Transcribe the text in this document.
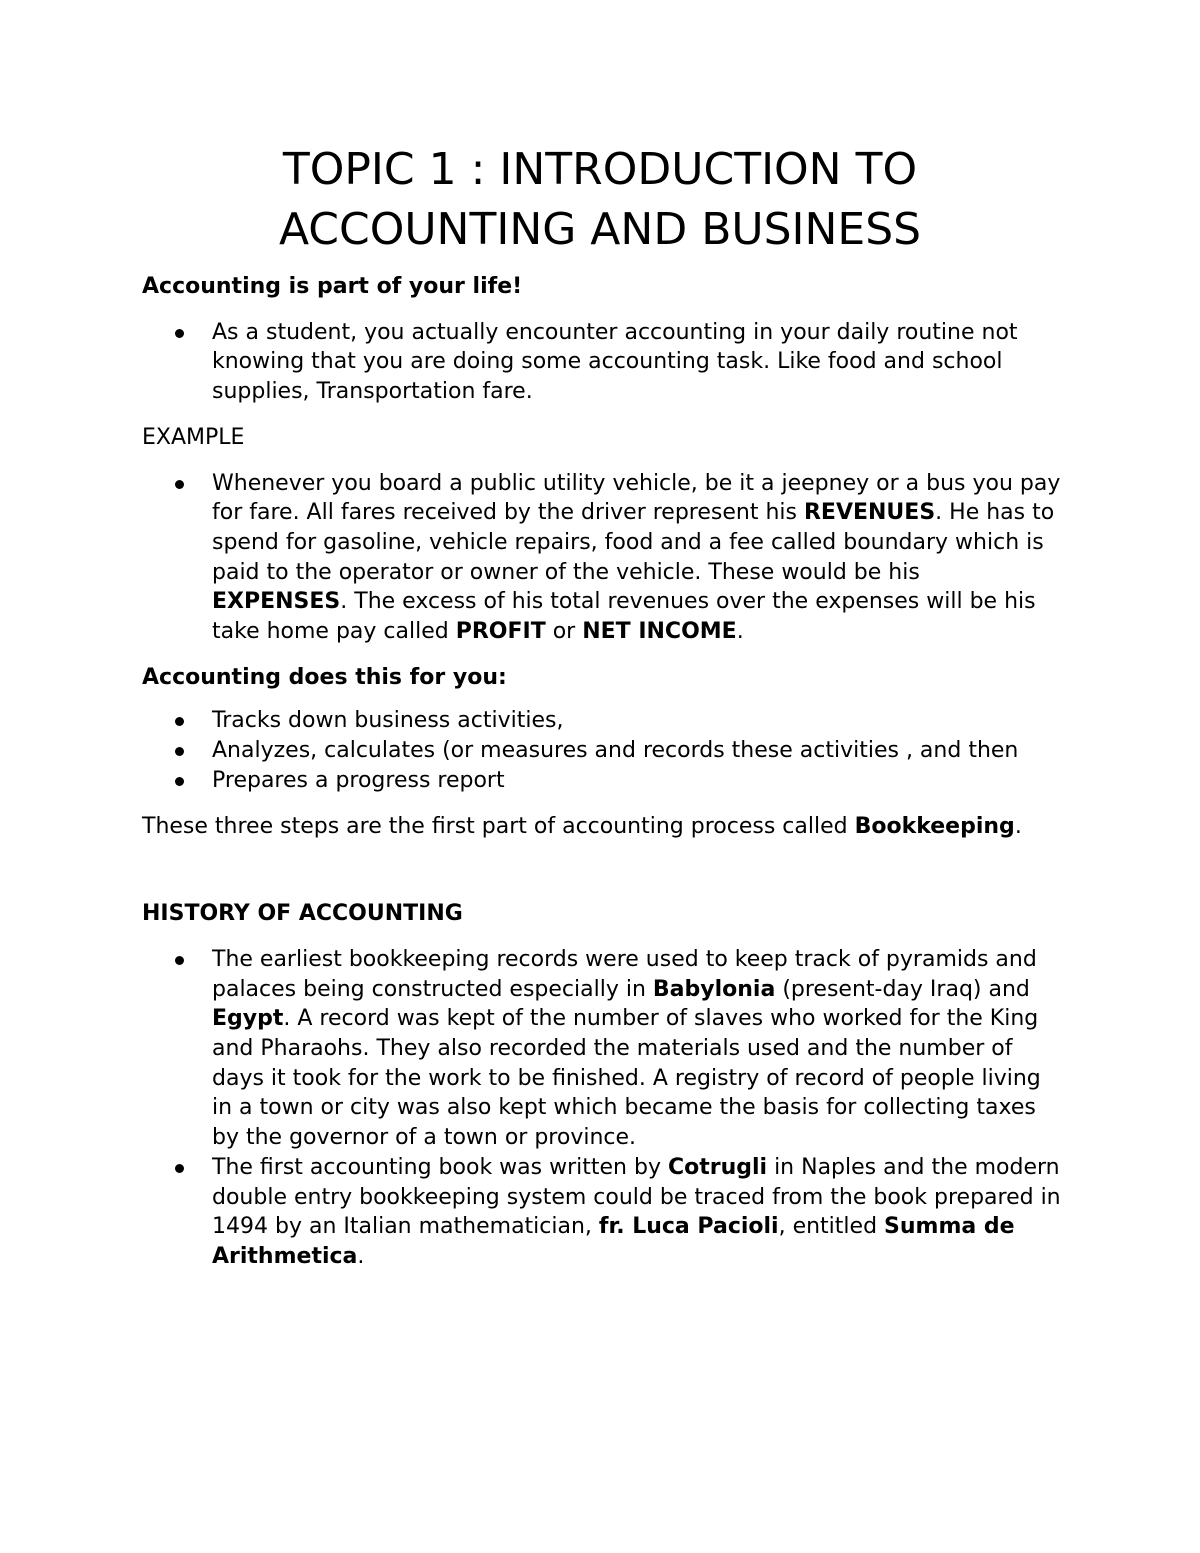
TOPIC 1 : INTRODUCTION TO
ACCOUNTING AND BUSINESS

Accounting is part of your life!

As a student, you actually encounter accounting in your daily routine not knowing that you are doing some accounting task. Like food and school supplies, Transportation fare.

EXAMPLE

Whenever you board a public utility vehicle, be it a jeepney or a bus you pay for fare. All fares received by the driver represent his REVENUES. He has to spend for gasoline, vehicle repairs, food and a fee called boundary which is paid to the operator or owner of the vehicle. These would be his EXPENSES. The excess of his total revenues over the expenses will be his take home pay called PROFIT or NET INCOME.

Accounting does this for you:

Tracks down business activities,
Analyzes, calculates (or measures and records these activities , and then
Prepares a progress report

These three steps are the first part of accounting process called Bookkeeping.

HISTORY OF ACCOUNTING

The earliest bookkeeping records were used to keep track of pyramids and palaces being constructed especially in Babylonia (present-day Iraq) and Egypt. A record was kept of the number of slaves who worked for the King and Pharaohs. They also recorded the materials used and the number of days it took for the work to be finished. A registry of record of people living in a town or city was also kept which became the basis for collecting taxes by the governor of a town or province.
The first accounting book was written by Cotrugli in Naples and the modern double entry bookkeeping system could be traced from the book prepared in 1494 by an Italian mathematician, fr. Luca Pacioli, entitled Summa de Arithmetica.
